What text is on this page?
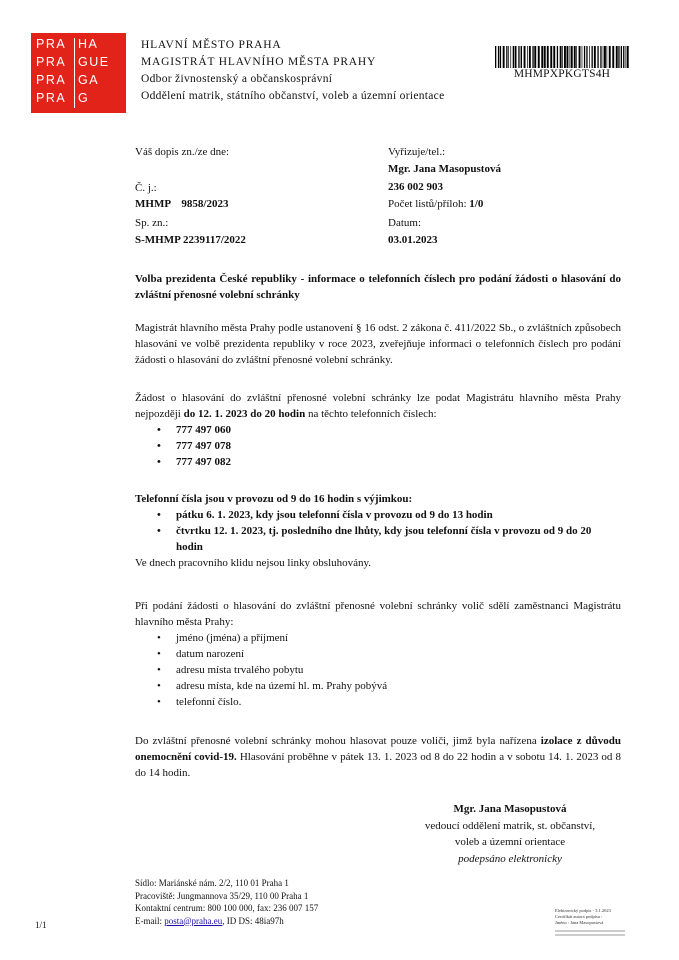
PRA HA
PRA GUE
PRA GA
PRA G
HLAVNÍ MĚSTO PRAHA
MAGISTRÁT HLAVNÍHO MĚSTA PRAHY
Odbor živnostenský a občanskosprávní
Oddělení matrik, státního občanství, voleb a územní orientace
MHMPXPKGTS4H
Váš dopis zn./ze dne:
Č. j.:
MHMP    9858/2023
Sp. zn.:
S-MHMP 2239117/2022
Vyřizuje/tel.:
Mgr. Jana Masopustová
236 002 903
Počet listů/příloh: 1/0
Datum:
03.01.2023
Volba prezidenta České republiky - informace o telefonních číslech pro podání žádosti o hlasování do zvláštní přenosné volební schránky
Magistrát hlavního města Prahy podle ustanovení § 16 odst. 2 zákona č. 411/2022 Sb., o zvláštních způsobech hlasování ve volbě prezidenta republiky v roce 2023, zveřejňuje informaci o telefonních číslech pro podání žádosti o hlasování do zvláštní přenosné volební schránky.
Žádost o hlasování do zvláštní přenosné volební schránky lze podat Magistrátu hlavního města Prahy nejpozději do 12. 1. 2023 do 20 hodin na těchto telefonních číslech:
• 777 497 060
• 777 497 078
• 777 497 082
Telefonní čísla jsou v provozu od 9 do 16 hodin s výjimkou:
• pátku 6. 1. 2023, kdy jsou telefonní čísla v provozu od 9 do 13 hodin
• čtvrtku 12. 1. 2023, tj. posledního dne lhůty, kdy jsou telefonní čísla v provozu od 9 do 20 hodin
Ve dnech pracovního klidu nejsou linky obsluhovány.
Při podání žádosti o hlasování do zvláštní přenosné volební schránky volič sdělí zaměstnanci Magistrátu hlavního města Prahy:
• jméno (jména) a příjmení
• datum narození
• adresu místa trvalého pobytu
• adresu místa, kde na území hl. m. Prahy pobývá
• telefonní číslo.
Do zvláštní přenosné volební schránky mohou hlasovat pouze voliči, jimž byla nařízena izolace z důvodu onemocnění covid-19. Hlasování proběhne v pátek 13. 1. 2023 od 8 do 22 hodin a v sobotu 14. 1. 2023 od 8 do 14 hodin.
Mgr. Jana Masopustová
vedoucí oddělení matrik, st. občanství,
voleb a územní orientace
podepsáno elektronicky
Sídlo: Mariánské nám. 2/2, 110 01 Praha 1
Pracoviště: Jungmannova 35/29, 110 00 Praha 1
Kontaktní centrum: 800 100 000, fax: 236 007 157
E-mail: posta@praha.eu, ID DS: 48ia97h
1/1
Elektronický podpis - 3.1.2023
Certifikát autora podpisu :
Jméno : Jana Masopustová
